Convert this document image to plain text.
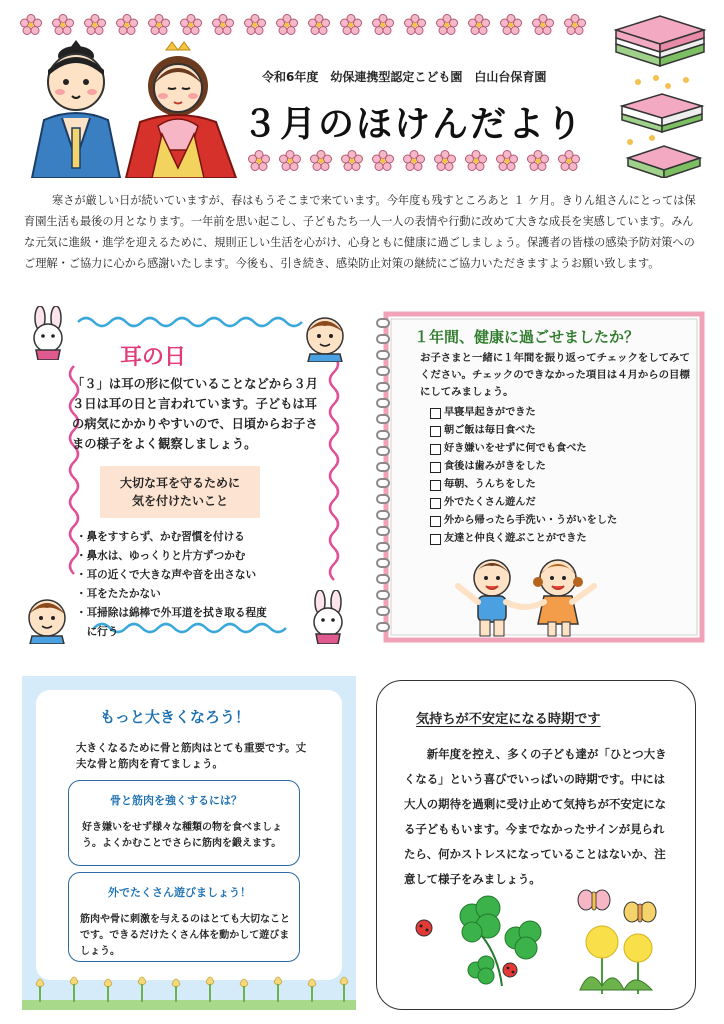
令和6年度　幼保連携型認定こども園　白山台保育園
３月のほけんだより

寒さが厳しい日が続いていますが、春はもうそこまで来ています。今年度も残すところあと １ ケ月。きりん組さんにとっては保育園生活も最後の月となります。一年前を思い起こし、子どもたち一人一人の表情や行動に改めて大きな成長を実感しています。みんな元気に進級・進学を迎えるために、規則正しい生活を心がけ、心身ともに健康に過ごしましょう。保護者の皆様の感染予防対策へのご理解・ご協力に心から感謝いたします。今後も、引き続き、感染防止対策の継続にご協力いただきますようお願い致します。

耳の日

「３」は耳の形に似ていることなどから３月３日は耳の日と言われています。子どもは耳の病気にかかりやすいので、日頃からお子さまの様子をよく観察しましょう。

大切な耳を守るために　気を付けたいこと
・鼻をすすらず、かむ習慣を付ける
・鼻水は、ゆっくりと片方ずつかむ
・耳の近くで大きな声や音を出さない
・耳をたたかない
・耳掃除は綿棒で外耳道を拭き取る程度
　に行う
１年間、健康に過ごせましたか？

お子さまと一緒に１年間を振り返ってチェックをしてみてください。チェックのできなかった項目は４月からの目標にしてみましょう。

早寝早起きができた
朝ご飯は毎日食べた
好き嫌いをせずに何でも食べた
食後は歯みがきをした
毎朝、うんちをした
外でたくさん遊んだ
外から帰ったら手洗い・うがいをした
友達と仲良く遊ぶことができた
もっと大きくなろう！

大きくなるために骨と筋肉はとても重要です。丈夫な骨と筋肉を育てましょう。

骨と筋肉を強くするには？

好き嫌いをせず様々な種類の物を食べましょう。よくかむことでさらに筋肉を鍛えます。

外でたくさん遊びましょう！

筋肉や骨に刺激を与えるのはとても大切なことです。できるだけたくさん体を動かして遊びましょう。

気持ちが不安定になる時期です

新年度を控え、多くの子ども達が「ひとつ大きくなる」という喜びでいっぱいの時期です。中には大人の期待を過剰に受け止めて気持ちが不安定になる子どももいます。今までなかったサインが見られたら、何かストレスになっていることはないか、注意して様子をみましょう。
